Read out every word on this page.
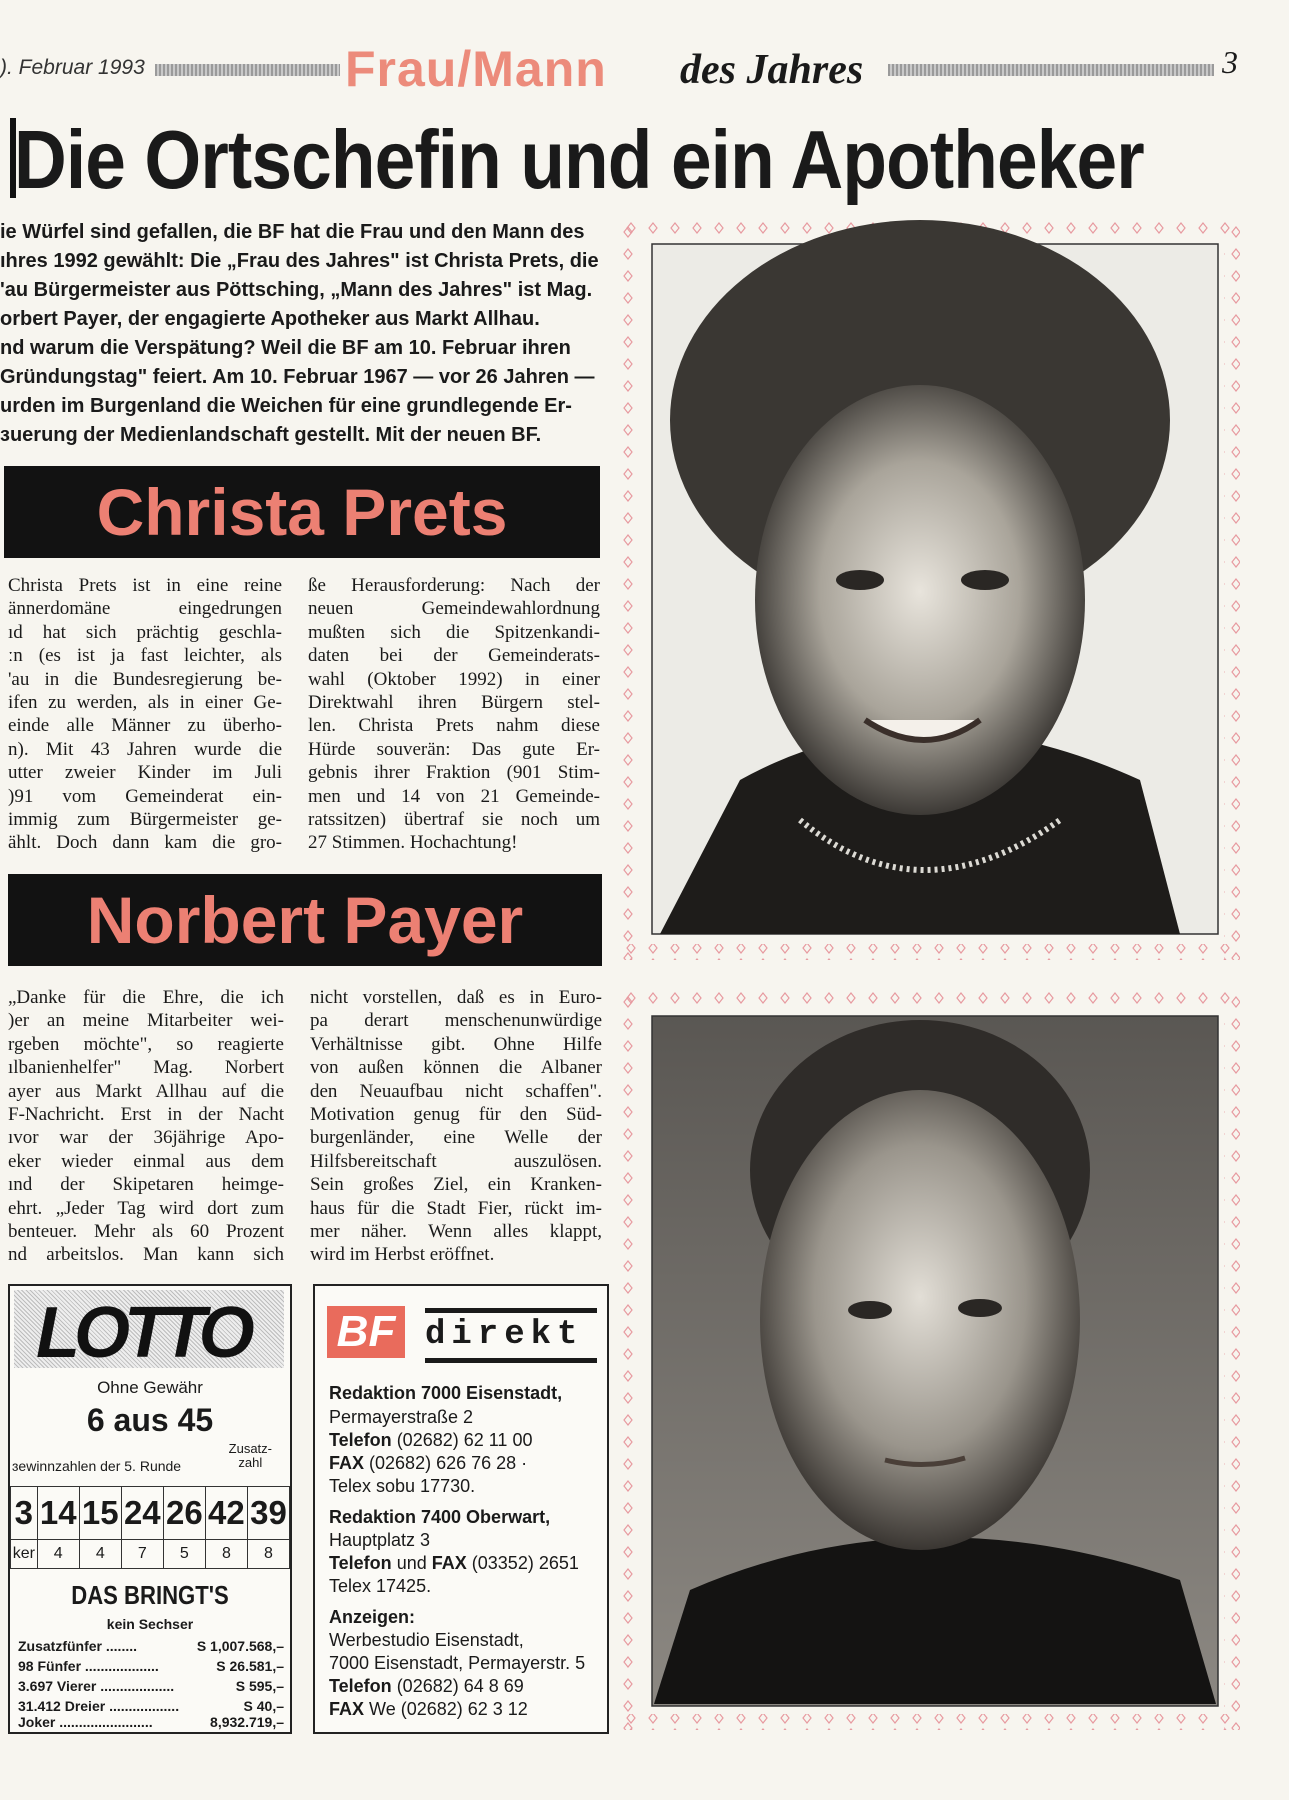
). Februar 1993	Frau/Mann des Jahres	3
Die Ortschefin und ein Apotheker
ie Würfel sind gefallen, die BF hat die Frau und den Mann des
ıhres 1992 gewählt: Die „Frau des Jahres" ist Christa Prets, die
'au Bürgermeister aus Pöttsching, „Mann des Jahres" ist Mag.
orbert Payer, der engagierte Apotheker aus Markt Allhau.
nd warum die Verspätung? Weil die BF am 10. Februar ihren
Gründungstag" feiert. Am 10. Februar 1967 — vor 26 Jahren —
urden im Burgenland die Weichen für eine grundlegende Er-
ɜuerung der Medienlandschaft gestellt. Mit der neuen BF.
Christa Prets
Christa Prets ist in eine reine
ännerdomäne eingedrungen
ıd hat sich prächtig geschla-
ːn (es ist ja fast leichter, als
'au in die Bundesregierung be-
ifen zu werden, als in einer Ge-
einde alle Männer zu überho-
n). Mit 43 Jahren wurde die
utter zweier Kinder im Juli
)91 vom Gemeinderat ein-
immig zum Bürgermeister ge-
ählt. Doch dann kam die gro-
ße Herausforderung: Nach der
neuen Gemeindewahlordnung
mußten sich die Spitzenkandi-
daten bei der Gemeinderats-
wahl (Oktober 1992) in einer
Direktwahl ihren Bürgern stel-
len. Christa Prets nahm diese
Hürde souverän: Das gute Er-
gebnis ihrer Fraktion (901 Stim-
men und 14 von 21 Gemeinde-
ratssitzen) übertraf sie noch um
27 Stimmen. Hochachtung!
Norbert Payer
„Danke für die Ehre, die ich
)er an meine Mitarbeiter wei-
rgeben möchte", so reagierte
ılbanienhelfer" Mag. Norbert
ayer aus Markt Allhau auf die
F-Nachricht. Erst in der Nacht
ıvor war der 36jährige Apo-
eker wieder einmal aus dem
ınd der Skipetaren heimge-
ehrt. „Jeder Tag wird dort zum
benteuer. Mehr als 60 Prozent
nd arbeitslos. Man kann sich
nicht vorstellen, daß es in Euro-
pa derart menschenunwürdige
Verhältnisse gibt. Ohne Hilfe
von außen können die Albaner
den Neuaufbau nicht schaffen".
Motivation genug für den Süd-
burgenländer, eine Welle der
Hilfsbereitschaft auszulösen.
Sein großes Ziel, ein Kranken-
haus für die Stadt Fier, rückt im-
mer näher. Wenn alles klappt,
wird im Herbst eröffnet.
LOTTO
Ohne Gewähr
6 aus 45
Zusatz-
zahl
ɜewinnzahlen der 5. Runde
3	14	15	24	26	42	39
ker	4	4	7	5	8	8
DAS BRINGT'S
kein Sechser
Zusatzfünfer ........	S 1,007.568,–
98 Fünfer ...................	S 26.581,–
3.697 Vierer ...................	S 595,–
31.412 Dreier ..................	S 40,–
Joker ........................	8,932.719,–
BF direkt

Redaktion 7000 Eisenstadt,

Permayerstraße 2

Telefon (02682) 62 11 00

FAX (02682) 626 76 28 ·

Telex sobu 17730.

Redaktion 7400 Oberwart,

Hauptplatz 3

Telefon und FAX (03352) 2651

Telex 17425.

Anzeigen:

Werbestudio Eisenstadt,

7000 Eisenstadt, Permayerstr. 5

Telefon (02682) 64 8 69

FAX We (02682) 62 3 12
